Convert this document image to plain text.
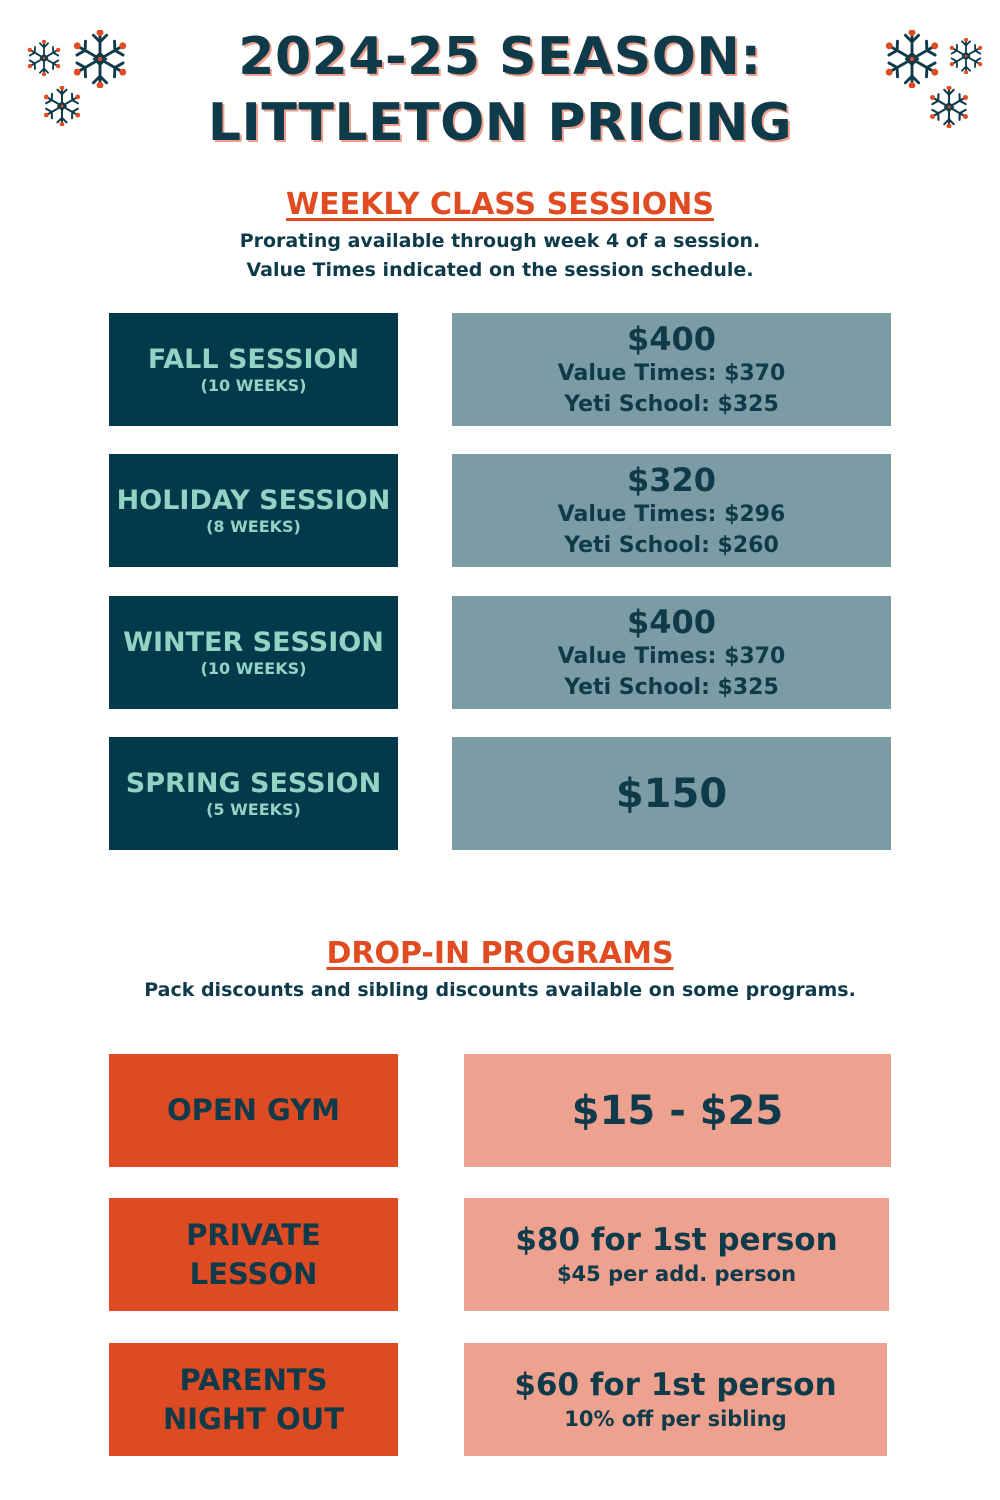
2024-25 SEASON:
LITTLETON PRICING
WEEKLY CLASS SESSIONS
Prorating available through week 4 of a session.
Value Times indicated on the session schedule.
FALL SESSION
(10 WEEKS)
$400
Value Times: $370
Yeti School: $325
HOLIDAY SESSION
(8 WEEKS)
$320
Value Times: $296
Yeti School: $260
WINTER SESSION
(10 WEEKS)
$400
Value Times: $370
Yeti School: $325
SPRING SESSION
(5 WEEKS)	$150
DROP-IN PROGRAMS
Pack discounts and sibling discounts available on some programs.
OPEN GYM	$15 - $25
PRIVATE
LESSON
$80 for 1st person
$45 per add. person
PARENTS
NIGHT OUT
$60 for 1st person
10% off per sibling
